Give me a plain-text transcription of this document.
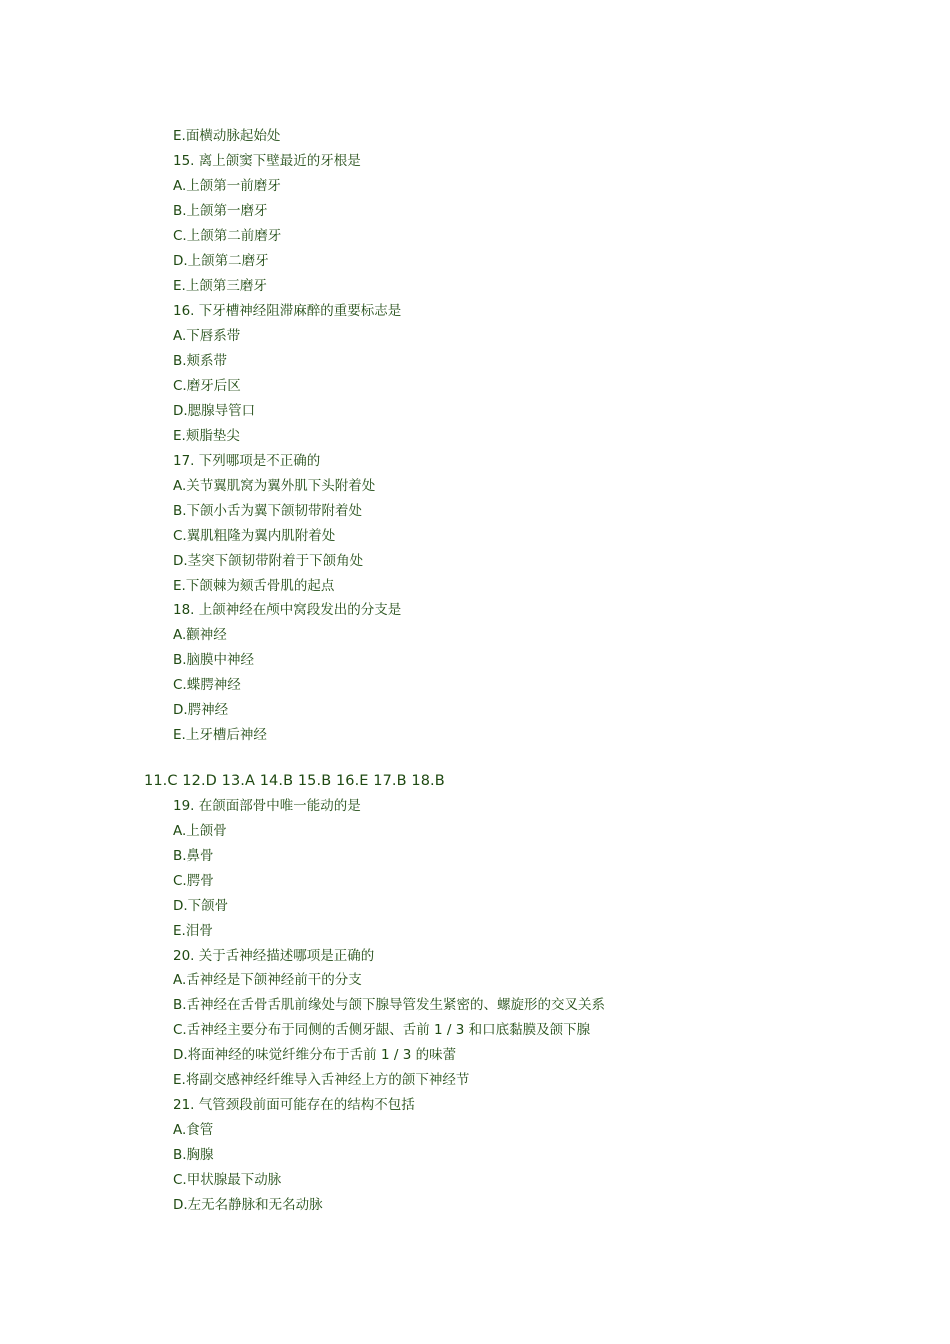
E.面横动脉起始处
15. 离上颌窦下壁最近的牙根是
A.上颌第一前磨牙
B.上颌第一磨牙
C.上颌第二前磨牙
D.上颌第二磨牙
E.上颌第三磨牙
16. 下牙槽神经阻滞麻醉的重要标志是
A.下唇系带
B.颊系带
C.磨牙后区
D.腮腺导管口
E.颊脂垫尖
17. 下列哪项是不正确的
A.关节翼肌窝为翼外肌下头附着处
B.下颌小舌为翼下颌韧带附着处
C.翼肌粗隆为翼内肌附着处
D.茎突下颌韧带附着于下颌角处
E.下颌棘为颏舌骨肌的起点
18. 上颌神经在颅中窝段发出的分支是
A.颧神经
B.脑膜中神经
C.蝶腭神经
D.腭神经
E.上牙槽后神经
11.C 12.D 13.A 14.B 15.B 16.E 17.B 18.B
19. 在颌面部骨中唯一能动的是
A.上颌骨
B.鼻骨
C.腭骨
D.下颌骨
E.泪骨
20. 关于舌神经描述哪项是正确的
A.舌神经是下颌神经前干的分支
B.舌神经在舌骨舌肌前缘处与颌下腺导管发生紧密的、螺旋形的交叉关系
C.舌神经主要分布于同侧的舌侧牙龈、舌前 1 / 3 和口底黏膜及颌下腺
D.将面神经的味觉纤维分布于舌前 1 / 3 的味蕾
E.将副交感神经纤维导入舌神经上方的颌下神经节
21. 气管颈段前面可能存在的结构不包括
A.食管
B.胸腺
C.甲状腺最下动脉
D.左无名静脉和无名动脉
